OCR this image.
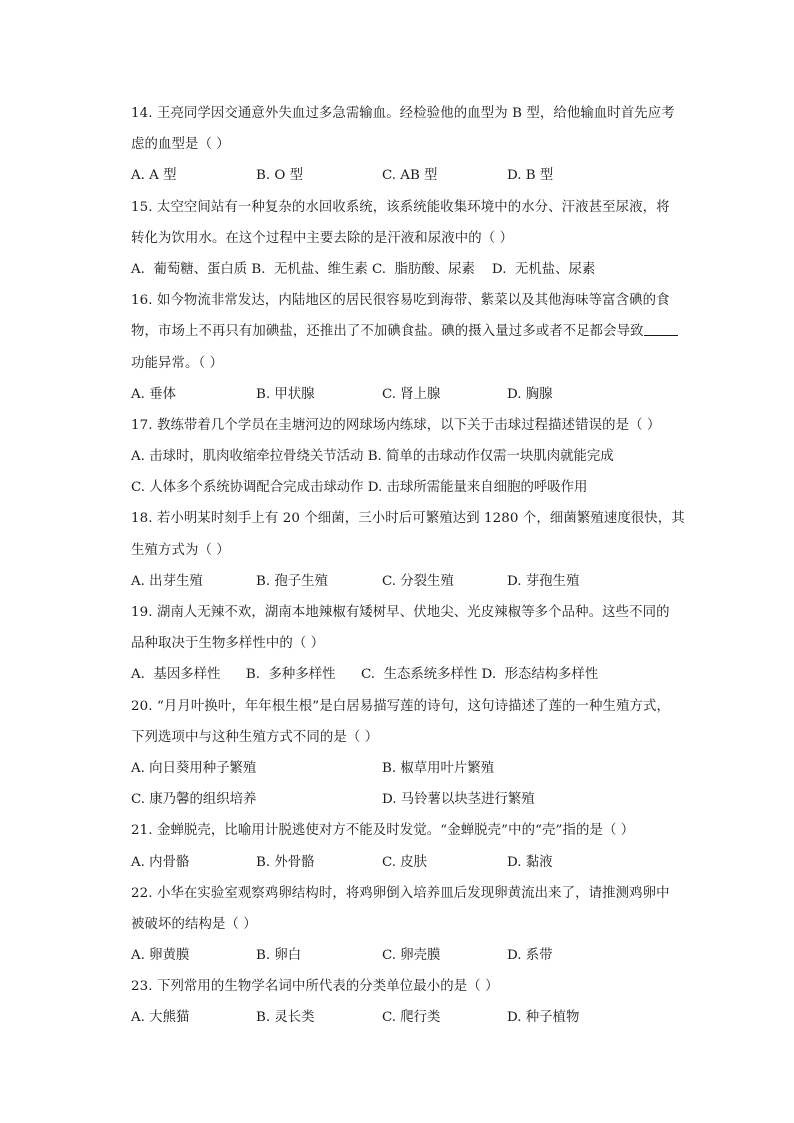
14. 王亮同学因交通意外失血过多急需输血。经检验他的血型为 B 型，给他输血时首先应考
虑的血型是（ ）
A. A 型	B. O 型	C. AB 型	D. B 型
15. 太空空间站有一种复杂的水回收系统，该系统能收集环境中的水分、汗液甚至尿液，将
转化为饮用水。在这个过程中主要去除的是汗液和尿液中的（ ）
A.  葡萄糖、蛋白质 B.  无机盐、维生素 C.  脂肪酸、尿素    D.  无机盐、尿素
16. 如今物流非常发达，内陆地区的居民很容易吃到海带、紫菜以及其他海味等富含碘的食
物，市场上不再只有加碘盐，还推出了不加碘食盐。碘的摄入量过多或者不足都会导致
功能异常。（ ）
A. 垂体	B. 甲状腺	C. 肾上腺	D. 胸腺
17. 教练带着几个学员在圭塘河边的网球场内练球，以下关于击球过程描述错误的是（ ）
A. 击球时，肌肉收缩牵拉骨绕关节活动 B. 简单的击球动作仅需一块肌肉就能完成
C. 人体多个系统协调配合完成击球动作 D. 击球所需能量来自细胞的呼吸作用
18. 若小明某时刻手上有 20 个细菌，三小时后可繁殖达到 1280 个，细菌繁殖速度很快，其
生殖方式为（ ）
A. 出芽生殖	B. 孢子生殖	C. 分裂生殖	D. 芽孢生殖
19. 湖南人无辣不欢，湖南本地辣椒有矮树早、伏地尖、光皮辣椒等多个品种。这些不同的
品种取决于生物多样性中的（ ）
A.  基因多样性      B.  多种多样性      C.  生态系统多样性 D.  形态结构多样性
20. “月月叶换叶，年年根生根”是白居易描写莲的诗句，这句诗描述了莲的一种生殖方式，
下列选项中与这种生殖方式不同的是（ ）
A. 向日葵用种子繁殖	B. 椒草用叶片繁殖
C. 康乃馨的组织培养	D. 马铃薯以块茎进行繁殖
21. 金蝉脱壳，比喻用计脱逃使对方不能及时发觉。“金蝉脱壳”中的“壳”指的是（ ）
A. 内骨骼	B. 外骨骼	C. 皮肤	D. 黏液
22. 小华在实验室观察鸡卵结构时，将鸡卵倒入培养皿后发现卵黄流出来了，请推测鸡卵中
被破坏的结构是（ ）
A. 卵黄膜	B. 卵白	C. 卵壳膜	D. 系带
23. 下列常用的生物学名词中所代表的分类单位最小的是（ ）
A. 大熊猫	B. 灵长类	C. 爬行类	D. 种子植物
